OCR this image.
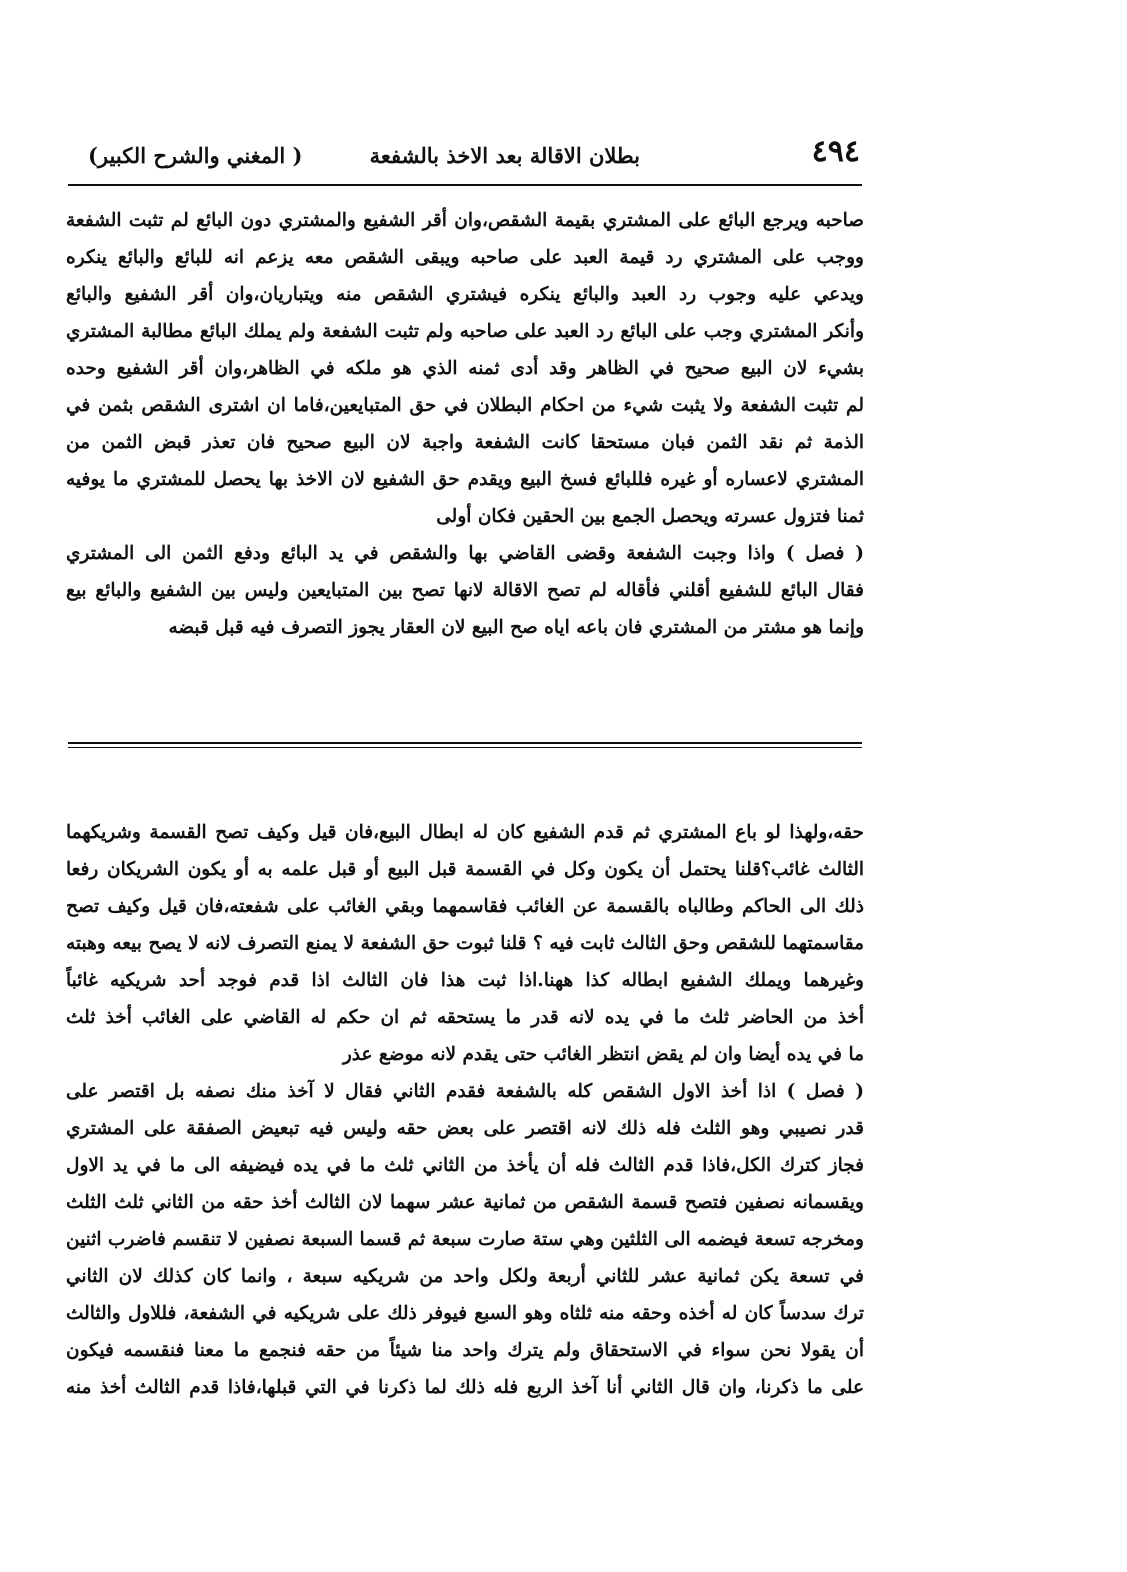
٤٩٤
بطلان الاقالة بعد الاخذ بالشفعة
( المغني والشرح الكبير)
صاحبه ويرجع البائع على المشتري بقيمة الشقص،وان أقر الشفيع والمشتري دون البائع لم تثبت الشفعة
ووجب على المشتري رد قيمة العبد على صاحبه ويبقى الشقص معه يزعم انه للبائع والبائع ينكره
ويدعي عليه وجوب رد العبد والبائع ينكره فيشتري الشقص منه ويتباريان،وان أقر الشفيع والبائع
وأنكر المشتري وجب على البائع رد العبد على صاحبه ولم تثبت الشفعة ولم يملك البائع مطالبة المشتري
بشيء لان البيع صحيح في الظاهر وقد أدى ثمنه الذي هو ملكه في الظاهر،وان أقر الشفيع وحده
لم تثبت الشفعة ولا يثبت شيء من احكام البطلان في حق المتبايعين،فاما ان اشترى الشقص بثمن في
الذمة ثم نقد الثمن فبان مستحقا كانت الشفعة واجبة لان البيع صحيح فان تعذر قبض الثمن من
المشتري لاعساره أو غيره فللبائع فسخ البيع ويقدم حق الشفيع لان الاخذ بها يحصل للمشتري ما يوفيه
ثمنا فتزول عسرته ويحصل الجمع بين الحقين فكان أولى
( فصل ) واذا وجبت الشفعة وقضى القاضي بها والشقص في يد البائع ودفع الثمن الى المشتري
فقال البائع للشفيع أقلني فأقاله لم تصح الاقالة لانها تصح بين المتبايعين وليس بين الشفيع والبائع بيع
وإنما هو مشتر من المشتري فان باعه اياه صح البيع لان العقار يجوز التصرف فيه قبل قبضه
حقه،ولهذا لو باع المشتري ثم قدم الشفيع كان له ابطال البيع،فان قيل وكيف تصح القسمة وشريكهما
الثالث غائب؟قلنا يحتمل أن يكون وكل في القسمة قبل البيع أو قبل علمه به أو يكون الشريكان رفعا
ذلك الى الحاكم وطالباه بالقسمة عن الغائب فقاسمهما وبقي الغائب على شفعته،فان قيل وكيف تصح
مقاسمتهما للشقص وحق الثالث ثابت فيه ؟ قلنا ثبوت حق الشفعة لا يمنع التصرف لانه لا يصح بيعه وهبته
وغيرهما ويملك الشفيع ابطاله كذا ههنا.اذا ثبت هذا فان الثالث اذا قدم فوجد أحد شريكيه غائباً
أخذ من الحاضر ثلث ما في يده لانه قدر ما يستحقه ثم ان حكم له القاضي على الغائب أخذ ثلث
ما في يده أيضا وان لم يقض انتظر الغائب حتى يقدم لانه موضع عذر
( فصل ) اذا أخذ الاول الشقص كله بالشفعة فقدم الثاني فقال لا آخذ منك نصفه بل اقتصر على
قدر نصيبي وهو الثلث فله ذلك لانه اقتصر على بعض حقه وليس فيه تبعيض الصفقة على المشتري
فجاز كترك الكل،فاذا قدم الثالث فله أن يأخذ من الثاني ثلث ما في يده فيضيفه الى ما في يد الاول
ويقسمانه نصفين فتصح قسمة الشقص من ثمانية عشر سهما لان الثالث أخذ حقه من الثاني ثلث الثلث
ومخرجه تسعة فيضمه الى الثلثين وهي ستة صارت سبعة ثم قسما السبعة نصفين لا تنقسم فاضرب اثنين
في تسعة يكن ثمانية عشر للثاني أربعة ولكل واحد من شريكيه سبعة ، وانما كان كذلك لان الثاني
ترك سدساً كان له أخذه وحقه منه ثلثاه وهو السبع فيوفر ذلك على شريكيه في الشفعة، فللاول والثالث
أن يقولا نحن سواء في الاستحقاق ولم يترك واحد منا شيئاً من حقه فنجمع ما معنا فنقسمه فيكون
على ما ذكرنا، وان قال الثاني أنا آخذ الربع فله ذلك لما ذكرنا في التي قبلها،فاذا قدم الثالث أخذ منه
